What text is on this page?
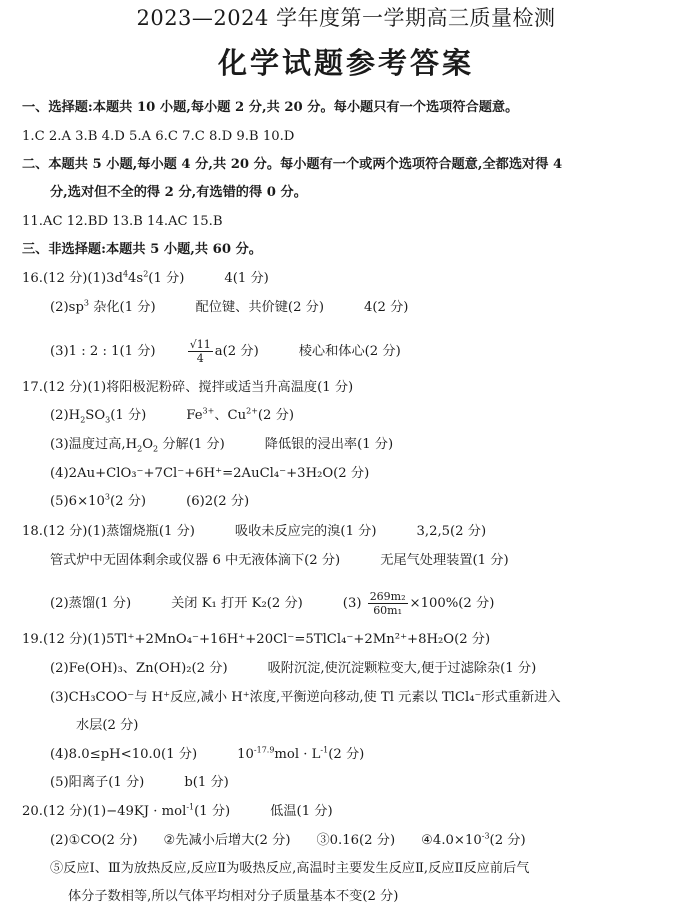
2023—2024 学年度第一学期高三质量检测
化学试题参考答案
一、选择题:本题共 10 小题,每小题 2 分,共 20 分。每小题只有一个选项符合题意。
1.C 2.A 3.B 4.D 5.A 6.C 7.C 8.D 9.B 10.D
二、本题共 5 小题,每小题 4 分,共 20 分。每小题有一个或两个选项符合题意,全都选对得 4
分,选对但不全的得 2 分,有选错的得 0 分。
11.AC 12.BD 13.B 14.AC 15.B
三、非选择题:本题共 5 小题,共 60 分。
16.(12 分)$(1)3d^44s^2(1$ 分)	4(1 分)
$(2)sp^3$ 杂化(1 分)	配位键、共价键(2 分)	4(2 分)
(3)1 : 2 : 1(1 分)	$\frac{√11}{4} a(2$ 分)	棱心和体心(2 分)
17.(12 分)(1)将阳极泥粉碎、搅拌或适当升高温度(1 分)
$(2)H_2SO_3(1$ 分)	$Fe^{3+}$、$Cu^{2+}(2$ 分)
(3)温度过高$,H_2O_2$ 分解(1 分)	降低银的浸出率(1 分)
(4)2Au+ClO₃⁻+7Cl⁻+6H⁺=2AuCl₄⁻+3H₂O(2 分)
$(5)6\times 10^3(2$ 分)	(6)2(2 分)
18.(12 分)(1)蒸馏烧瓶(1 分)	吸收未反应完的溴(1 分)	3,2,5(2 分)
管式炉中无固体剩余或仪器 6 中无液体滴下(2 分)	无尾气处理装置(1 分)
(2)蒸馏(1 分)	关闭 K₁ 打开 K₂(2 分)	$(3) \frac{\text{269m₂}}{\text{60m₁}} \times 100\%(2$ 分)
19.(12 分)(1)5Tl⁺+2MnO₄⁻+16H⁺+20Cl⁻=5TlCl₄⁻+2Mn²⁺+8H₂O(2 分)
(2)Fe(OH)₃、Zn(OH)₂(2 分)	吸附沉淀,使沉淀颗粒变大,便于过滤除杂(1 分)
(3)CH₃COO⁻与 H⁺反应,减小 H⁺浓度,平衡逆向移动,使 Tl 元素以 TlCl₄⁻形式重新进入
水层(2 分)
(4)8.0≤pH<10.0(1 分)	$10^{-17.9}mol \cdot L^{-1}(2$ 分)
(5)阳离子(1 分)	b(1 分)
20.(12 分)(1)−49KJ · mol$^{-1}$(1 分)	低温(1 分)
(2)①CO(2 分) ②先减小后增大(2 分) ③0.16(2 分) $④4.0\times 10^{-3}(2$ 分)
⑤反应Ⅰ、Ⅲ为放热反应,反应Ⅱ为吸热反应,高温时主要发生反应Ⅱ,反应Ⅱ反应前后气
体分子数相等,所以气体平均相对分子质量基本不变(2 分)
